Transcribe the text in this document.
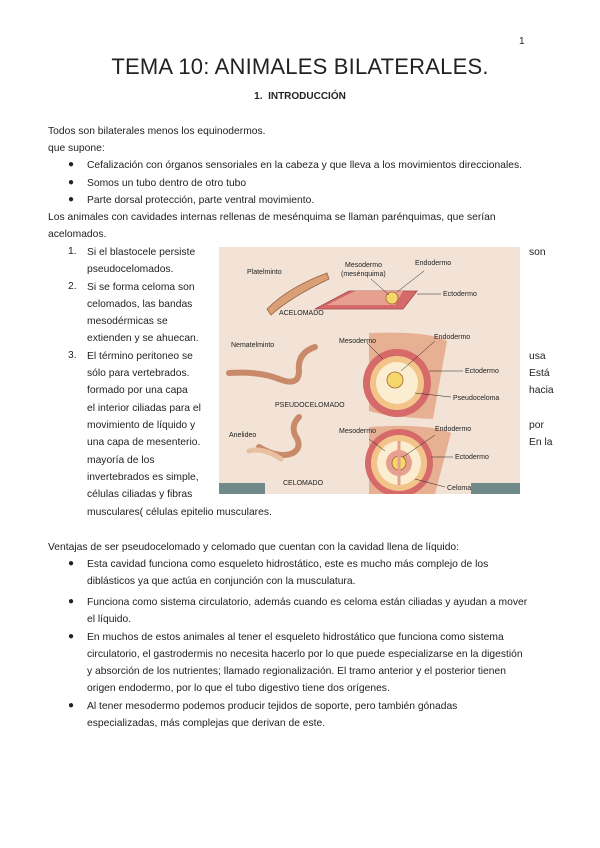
1
TEMA 10: ANIMALES BILATERALES.
1. INTRODUCCIÓN
Todos son bilaterales menos los equinodermos.
que supone:
● Cefalización con órganos sensoriales en la cabeza y que lleva a los movimientos direccionales.
● Somos un tubo dentro de otro tubo
● Parte dorsal protección, parte ventral movimiento.
Los animales con cavidades internas rellenas de mesénquima se llaman parénquimas, que serían
acelomados.
1. Si el blastocele persiste	son
pseudocelomados.
2. Si se forma celoma son
celomados, las bandas
mesodérmicas se
extienden y se ahuecan.
3. El término peritoneo se	usa
sólo para vertebrados.	Está
formado por una capa	hacia
el interior ciliadas para el
movimiento de líquido y	por
una capa de mesenterio.	En la
mayoría de los
invertebrados es simple,
células ciliadas y fibras
musculares( células epitelio musculares.
Platelminto
Mesodermo
(mesénquima)
Endodermo
Ectodermo
ACELOMADO
Nematelminto
Mesodermo
Endodermo
Ectodermo
Pseudoceloma
PSEUDOCELOMADO
Anelideo
Mesodermo	Endodermo
Ectodermo
Celoma
CELOMADO
Ventajas de ser pseudocelomado y celomado que cuentan con la cavidad llena de líquido:
● Esta cavidad funciona como esqueleto hidrostático, este es mucho más complejo de los
diblásticos ya que actúa en conjunción con la musculatura.
● Funciona como sistema circulatorio, además cuando es celoma están ciliadas y ayudan a mover
el líquido.
● En muchos de estos animales al tener el esqueleto hidrostático que funciona como sistema
circulatorio, el gastrodermis no necesita hacerlo por lo que puede especializarse en la digestión
y absorción de los nutrientes; llamado regionalización. El tramo anterior y el posterior tienen
origen endodermo, por lo que el tubo digestivo tiene dos orígenes.
● Al tener mesodermo podemos producir tejidos de soporte, pero también gónadas
especializadas, más complejas que derivan de este.
